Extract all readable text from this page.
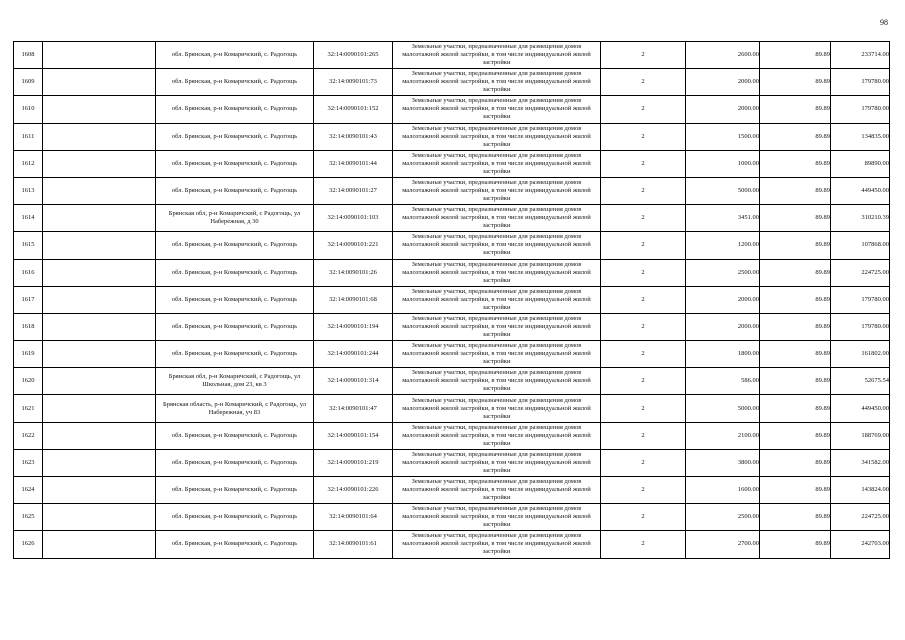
98
1608		обл. Брянская, р-н Комаричский, с. Радогощь	32:14:0090101:265	Земельные участки, предназначенные для размещения домов малоэтажной жилой застройки, в том числе индивидуальной жилой застройки	2	2600.00	89.89	233714.00
1609		обл. Брянская, р-н Комаричский, с. Радогощь	32:14:0090101:73	Земельные участки, предназначенные для размещения домов малоэтажной жилой застройки, в том числе индивидуальной жилой застройки	2	2000.00	89.89	179780.00
1610		обл. Брянская, р-н Комаричский, с. Радогощь	32:14:0090101:152	Земельные участки, предназначенные для размещения домов малоэтажной жилой застройки, в том числе индивидуальной жилой застройки	2	2000.00	89.89	179780.00
1611		обл. Брянская, р-н Комаричский, с. Радогощь	32:14:0090101:43	Земельные участки, предназначенные для размещения домов малоэтажной жилой застройки, в том числе индивидуальной жилой застройки	2	1500.00	89.89	134835.00
1612		обл. Брянская, р-н Комаричский, с. Радогощь	32:14:0090101:44	Земельные участки, предназначенные для размещения домов малоэтажной жилой застройки, в том числе индивидуальной жилой застройки	2	1000.00	89.89	89890.00
1613		обл. Брянская, р-н Комаричский, с. Радогощь	32:14:0090101:27	Земельные участки, предназначенные для размещения домов малоэтажной жилой застройки, в том числе индивидуальной жилой застройки	2	5000.00	89.89	449450.00
1614		Брянская обл, р-н Комаричский, с Радогощь, ул Набережная, д 30	32:14:0090101:103	Земельные участки, предназначенные для размещения домов малоэтажной жилой застройки, в том числе индивидуальной жилой застройки	2	3451.00	89.89	310210.39
1615		обл. Брянская, р-н Комаричский, с. Радогощь	32:14:0090101:221	Земельные участки, предназначенные для размещения домов малоэтажной жилой застройки, в том числе индивидуальной жилой застройки	2	1200.00	89.89	107868.00
1616		обл. Брянская, р-н Комаричский, с. Радогощь	32:14:0090101:26	Земельные участки, предназначенные для размещения домов малоэтажной жилой застройки, в том числе индивидуальной жилой застройки	2	2500.00	89.89	224725.00
1617		обл. Брянская, р-н Комаричский, с. Радогощь	32:14:0090101:68	Земельные участки, предназначенные для размещения домов малоэтажной жилой застройки, в том числе индивидуальной жилой застройки	2	2000.00	89.89	179780.00
1618		обл. Брянская, р-н Комаричский, с. Радогощь	32:14:0090101:194	Земельные участки, предназначенные для размещения домов малоэтажной жилой застройки, в том числе индивидуальной жилой застройки	2	2000.00	89.89	179780.00
1619		обл. Брянская, р-н Комаричский, с. Радогощь	32:14:0090101:244	Земельные участки, предназначенные для размещения домов малоэтажной жилой застройки, в том числе индивидуальной жилой застройки	2	1800.00	89.89	161802.00
1620		Брянская обл, р-н Комаричский, с Радогощь, ул Школьная, дом 23, кв 3	32:14:0090101:314	Земельные участки, предназначенные для размещения домов малоэтажной жилой застройки, в том числе индивидуальной жилой застройки	2	586.00	89.89	52675.54
1621		Брянская область, р-н Комаричский, с Радогощь, ул Набережная, уч 83	32:14:0090101:47	Земельные участки, предназначенные для размещения домов малоэтажной жилой застройки, в том числе индивидуальной жилой застройки	2	5000.00	89.89	449450.00
1622		обл. Брянская, р-н Комаричский, с. Радогощь	32:14:0090101:154	Земельные участки, предназначенные для размещения домов малоэтажной жилой застройки, в том числе индивидуальной жилой застройки	2	2100.00	89.89	188769.00
1623		обл. Брянская, р-н Комаричский, с. Радогощь	32:14:0090101:219	Земельные участки, предназначенные для размещения домов малоэтажной жилой застройки, в том числе индивидуальной жилой застройки	2	3800.00	89.89	341582.00
1624		обл. Брянская, р-н Комаричский, с. Радогощь	32:14:0090101:226	Земельные участки, предназначенные для размещения домов малоэтажной жилой застройки, в том числе индивидуальной жилой застройки	2	1600.00	89.89	143824.00
1625		обл. Брянская, р-н Комаричский, с. Радогощь	32:14:0090101:64	Земельные участки, предназначенные для размещения домов малоэтажной жилой застройки, в том числе индивидуальной жилой застройки	2	2500.00	89.89	224725.00
1626		обл. Брянская, р-н Комаричский, с. Радогощь	32:14:0090101:61	Земельные участки, предназначенные для размещения домов малоэтажной жилой застройки, в том числе индивидуальной жилой застройки	2	2700.00	89.89	242703.00
